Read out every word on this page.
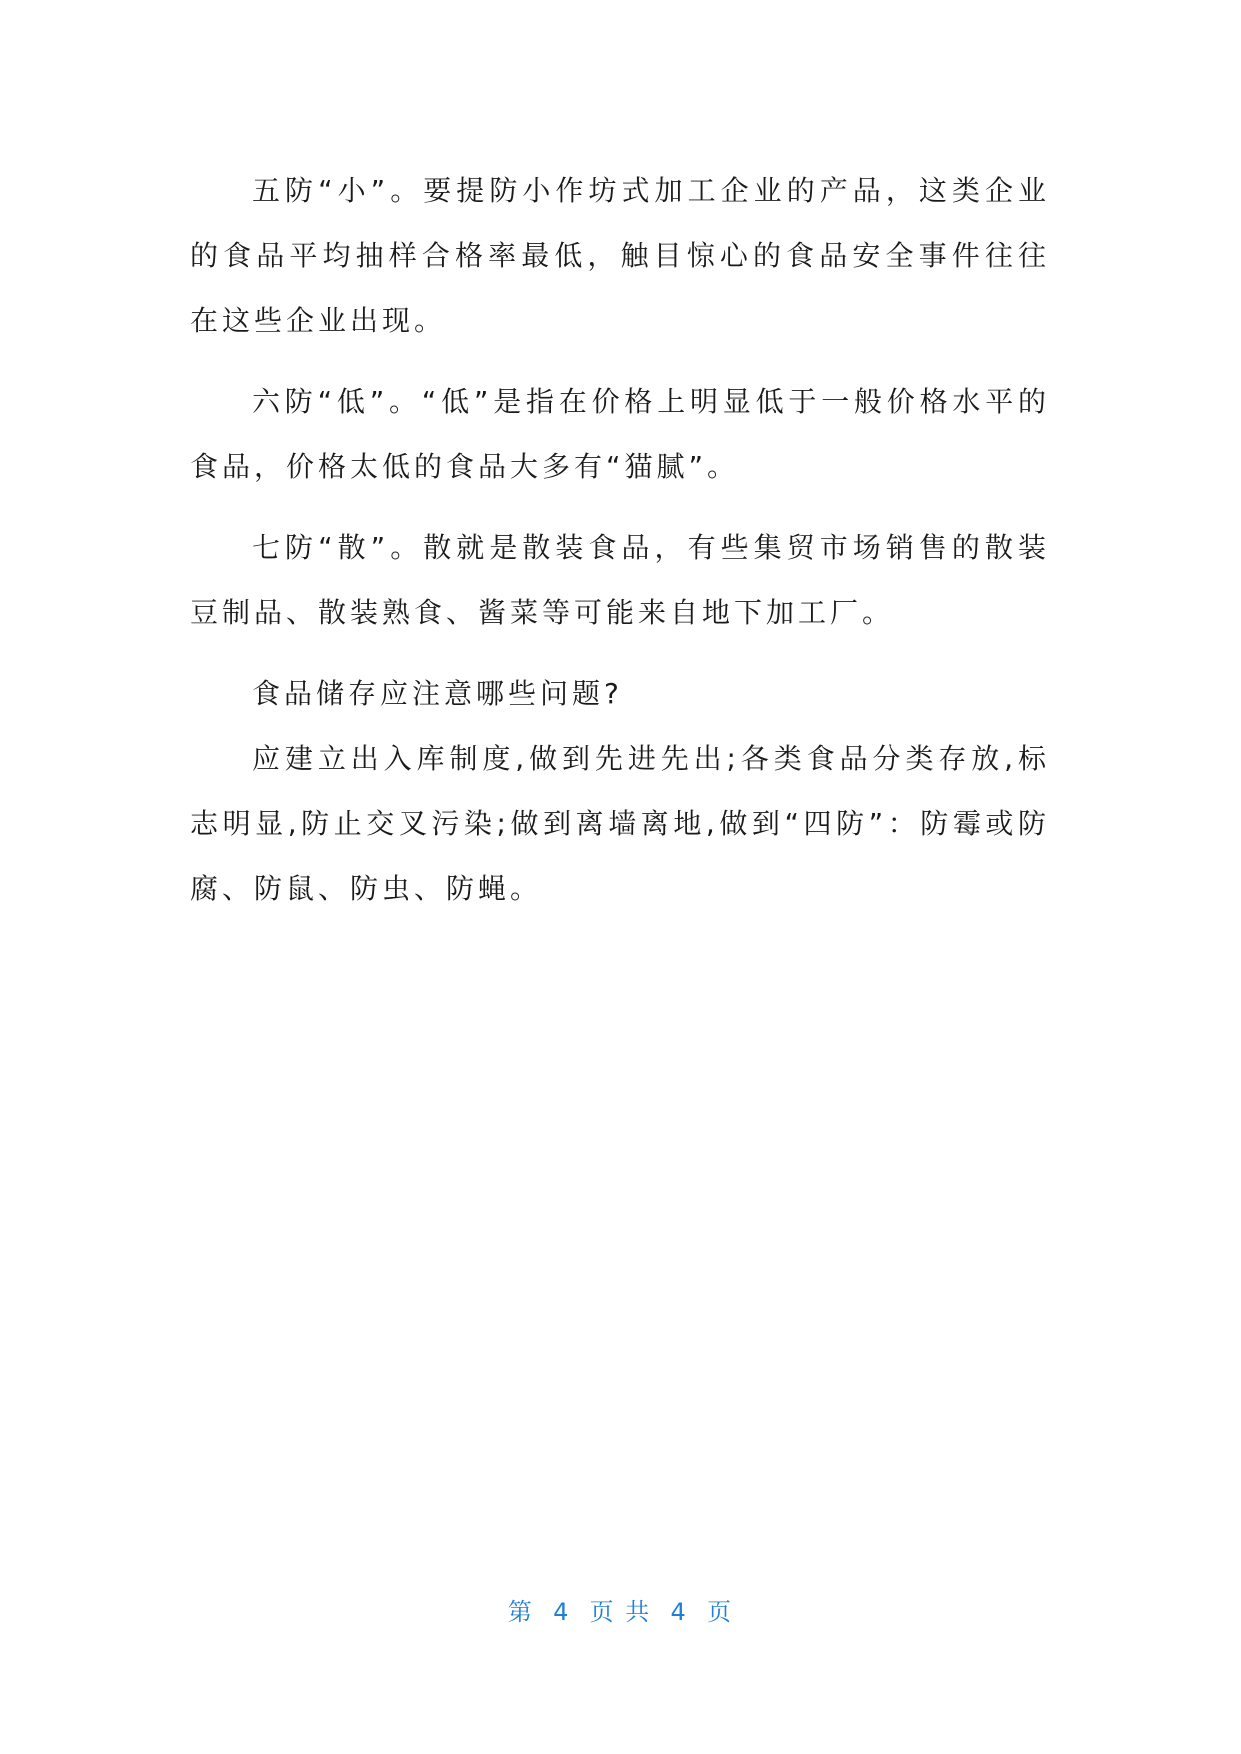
五防“小”。要提防小作坊式加工企业的产品，这类企业的食品平均抽样合格率最低，触目惊心的食品安全事件往往在这些企业出现。

六防“低”。“低”是指在价格上明显低于一般价格水平的食品，价格太低的食品大多有“猫腻”。

七防“散”。散就是散装食品，有些集贸市场销售的散装豆制品、散装熟食、酱菜等可能来自地下加工厂。

食品储存应注意哪些问题?

应建立出入库制度,做到先进先出;各类食品分类存放,标志明显,防止交叉污染;做到离墙离地,做到“四防”：防霉或防腐、防鼠、防虫、防蝇。

第  4  页 共  4  页
